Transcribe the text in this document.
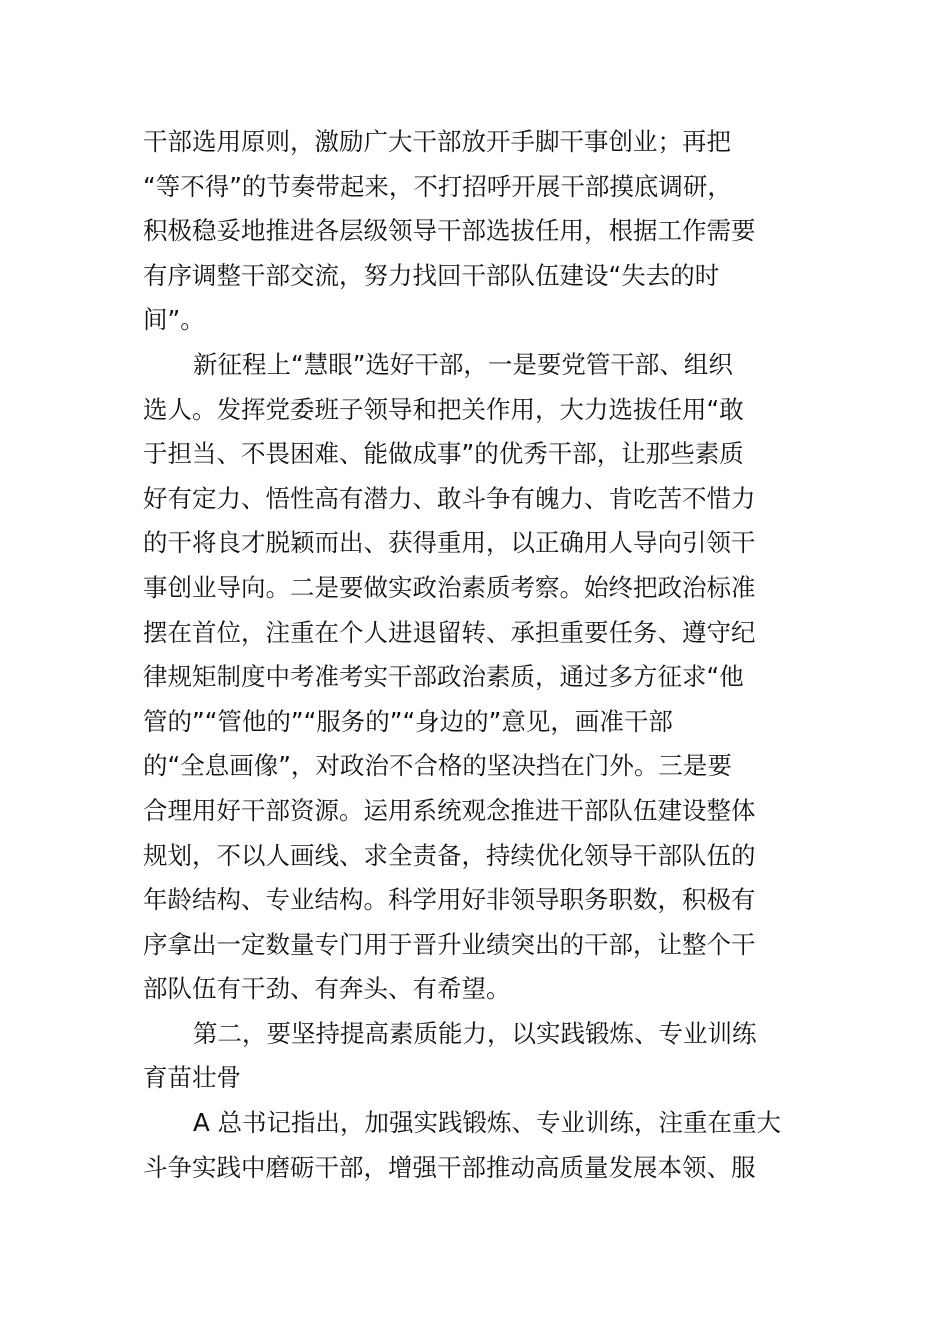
干部选用原则，激励广大干部放开手脚干事创业；再把
“等不得”的节奏带起来，不打招呼开展干部摸底调研，
积极稳妥地推进各层级领导干部选拔任用，根据工作需要
有序调整干部交流，努力找回干部队伍建设“失去的时
间”。
新征程上“慧眼”选好干部，一是要党管干部、组织
选人。发挥党委班子领导和把关作用，大力选拔任用“敢
于担当、不畏困难、能做成事”的优秀干部，让那些素质
好有定力、悟性高有潜力、敢斗争有魄力、肯吃苦不惜力
的干将良才脱颖而出、获得重用，以正确用人导向引领干
事创业导向。二是要做实政治素质考察。始终把政治标准
摆在首位，注重在个人进退留转、承担重要任务、遵守纪
律规矩制度中考准考实干部政治素质，通过多方征求“他
管的”“管他的”“服务的”“身边的”意见，画准干部
的“全息画像”，对政治不合格的坚决挡在门外。三是要
合理用好干部资源。运用系统观念推进干部队伍建设整体
规划，不以人画线、求全责备，持续优化领导干部队伍的
年龄结构、专业结构。科学用好非领导职务职数，积极有
序拿出一定数量专门用于晋升业绩突出的干部，让整个干
部队伍有干劲、有奔头、有希望。
第二，要坚持提高素质能力，以实践锻炼、专业训练
育苗壮骨
A 总书记指出，加强实践锻炼、专业训练，注重在重大
斗争实践中磨砺干部，增强干部推动高质量发展本领、服
